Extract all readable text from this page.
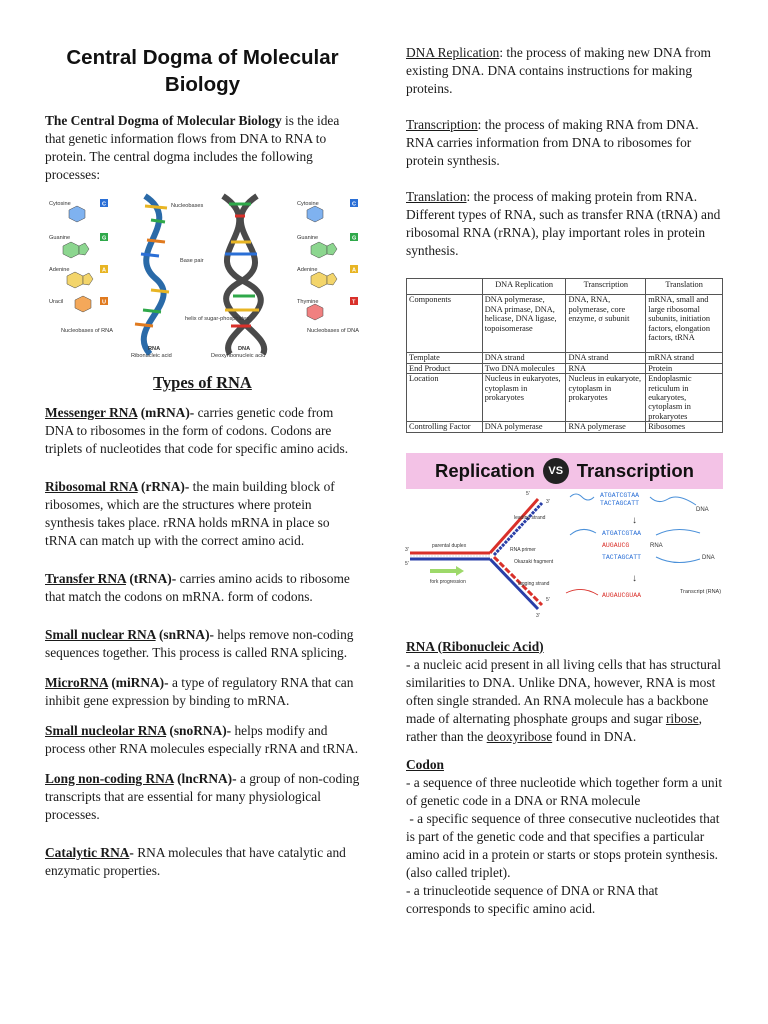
Central Dogma of Molecular Biology

The Central Dogma of Molecular Biology is the idea that genetic information flows from DNA to RNA to protein. The central dogma includes the following processes:

Cytosine	C
Guanine	G
Adenine	A
Uracil	U
Nucleobases of RNA
Cytosine	C
Guanine	G
Adenine	A
Thymine	T
Nucleobases of DNA
Nucleobases
Base pair
helix of sugar-phosphates
RNA
Ribonucleic acid
DNA
Deoxyribonucleic acid
Types of RNA

Messenger RNA (mRNA)- carries genetic code from DNA to ribosomes in the form of codons. Codons are triplets of nucleotides that code for specific amino acids.

Ribosomal RNA (rRNA)- the main building block of ribosomes, which are the structures where protein synthesis takes place. rRNA holds mRNA in place so tRNA can match up with the correct amino acid.

Transfer RNA (tRNA)- carries amino acids to ribosome that match the codons on mRNA. form of codons.

Small nuclear RNA (snRNA)- helps remove non-coding sequences together. This process is called RNA splicing.

MicroRNA (miRNA)- a type of regulatory RNA that can inhibit gene expression by binding to mRNA.

Small nucleolar RNA (snoRNA)- helps modify and process other RNA molecules especially rRNA and tRNA.

Long non-coding RNA (lncRNA)- a group of non-coding transcripts that are essential for many physiological processes.

Catalytic RNA- RNA molecules that have catalytic and enzymatic properties.

DNA Replication: the process of making new DNA from existing DNA. DNA contains instructions for making proteins.

Transcription: the process of making RNA from DNA. RNA carries information from DNA to ribosomes for protein synthesis.

Translation: the process of making protein from RNA. Different types of RNA, such as transfer RNA (tRNA) and ribosomal RNA (rRNA), play important roles in protein synthesis.

	DNA Replication	Transcription	Translation
Components	DNA polymerase, DNA primase, DNA, helicase, DNA ligase, topoisomerase	DNA, RNA, polymerase, core enzyme, σ subunit	mRNA, small and large ribosomal subunits, initiation factors, elongation factors, tRNA
Template	DNA strand	DNA strand	mRNA strand
End Product	Two DNA molecules	RNA	Protein
Location	Nucleus in eukaryotes, cytoplasm in prokaryotes	Nucleus in eukaryote, cytoplasm in prokaryotes	Endoplasmic reticulum in eukaryotes, cytoplasm in prokaryotes
Controlling Factor	DNA polymerase	RNA polymerase	Ribosomes
Replication	VS Transcription
5'
3'
3'
5'
3'
5'
leading strand
parental duplex
fork progression
RNA primer
Okazaki fragment
lagging strand
ATGATCGTAA
TACTAGCATT
DNA
↓
ATGATCGTAA
TACTAGCATT
AUGAUCG	RNA
DNA
↓
AUGAUCGUAA	Transcript (RNA)

RNA (Ribonucleic Acid)

- a nucleic acid present in all living cells that has structural similarities to DNA. Unlike DNA, however, RNA is most often single stranded. An RNA molecule has a backbone made of alternating phosphate groups and sugar ribose, rather than the deoxyribose found in DNA.

Codon

- a sequence of three nucleotide which together form a unit of genetic code in a DNA or RNA molecule

- a specific sequence of three consecutive nucleotides that is part of the genetic code and that specifies a particular amino acid in a protein or starts or stops protein synthesis. (also called triplet).

- a trinucleotide sequence of DNA or RNA that corresponds to specific amino acid.
